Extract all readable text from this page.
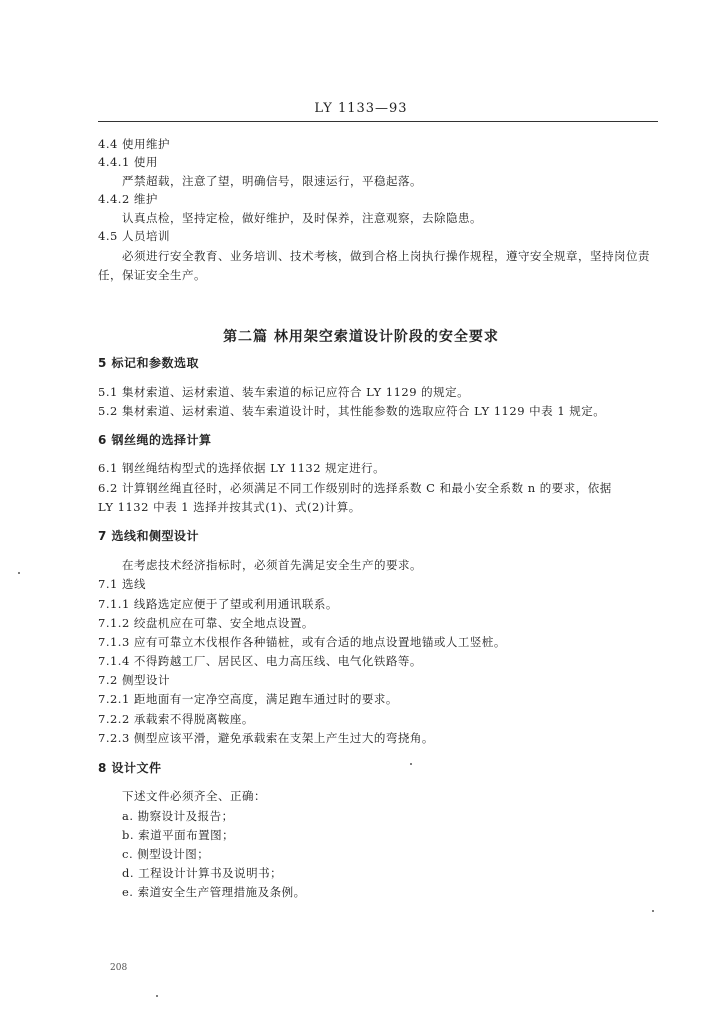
LY 1133—93
4.4 使用维护
4.4.1 使用
严禁超载，注意了望，明确信号，限速运行，平稳起落。
4.4.2 维护
认真点检，坚持定检，做好维护，及时保养，注意观察，去除隐患。
4.5 人员培训
必须进行安全教育、业务培训、技术考核，做到合格上岗执行操作规程，遵守安全规章，坚持岗位责
任，保证安全生产。
第二篇 林用架空索道设计阶段的安全要求
5 标记和参数选取
5.1 集材索道、运材索道、装车索道的标记应符合 LY 1129 的规定。
5.2 集材索道、运材索道、装车索道设计时，其性能参数的选取应符合 LY 1129 中表 1 规定。
6 钢丝绳的选择计算
6.1 钢丝绳结构型式的选择依据 LY 1132 规定进行。
6.2 计算钢丝绳直径时，必须满足不同工作级别时的选择系数 C 和最小安全系数 n 的要求，依据
LY 1132 中表 1 选择并按其式(1)、式(2)计算。
7 选线和侧型设计
在考虑技术经济指标时，必须首先满足安全生产的要求。
7.1 选线
7.1.1 线路选定应便于了望或利用通讯联系。
7.1.2 绞盘机应在可靠、安全地点设置。
7.1.3 应有可靠立木伐根作各种锚桩，或有合适的地点设置地锚或人工竖桩。
7.1.4 不得跨越工厂、居民区、电力高压线、电气化铁路等。
7.2 侧型设计
7.2.1 距地面有一定净空高度，满足跑车通过时的要求。
7.2.2 承载索不得脱离鞍座。
7.2.3 侧型应该平滑，避免承载索在支架上产生过大的弯挠角。
8 设计文件
下述文件必须齐全、正确：
a. 勘察设计及报告；
b. 索道平面布置图；
c. 侧型设计图；
d. 工程设计计算书及说明书；
e. 索道安全生产管理措施及条例。
208
